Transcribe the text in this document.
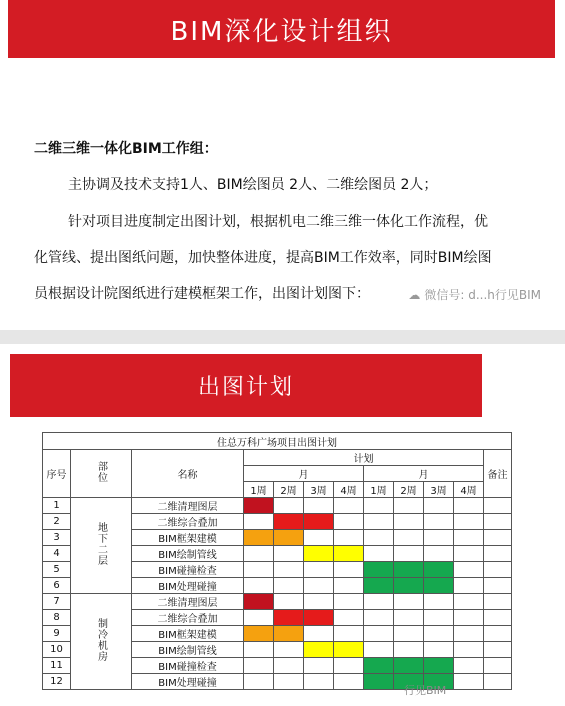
BIM深化设计组织
二维三维一体化BIM工作组：
主协调及技术支持1人、BIM绘图员 2人、二维绘图员 2人；
针对项目进度制定出图计划，根据机电二维三维一体化工作流程，优
化管线、提出图纸问题，加快整体进度，提高BIM工作效率，同时BIM绘图
员根据设计院图纸进行建模框架工作，出图计划图下：	☁ 微信号: d...h行见BIM
出图计划
住总万科广场项目出图计划											
序号	部位	名称	计划								备注
			月				月				
			1周	2周	3周	4周	1周	2周	3周	4周	
1	地下二层	二维清理图层									
2		二维综合叠加									
3		BIM框架建模									
4		BIM绘制管线									
5		BIM碰撞检查									
6		BIM处理碰撞									
7	制冷机房	二维清理图层									
8		二维综合叠加									
9		BIM框架建模									
10		BIM绘制管线									
11		BIM碰撞检查									
12		BIM处理碰撞									
行见BIM
